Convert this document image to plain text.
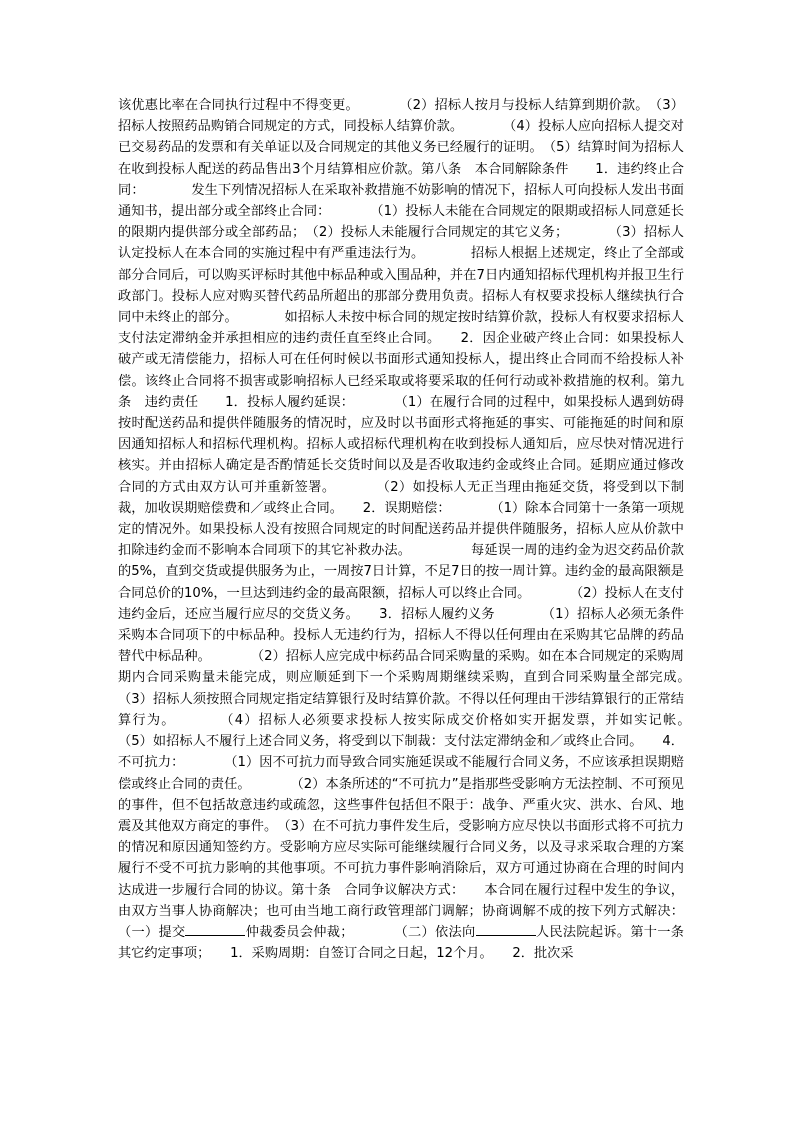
该优惠比率在合同执行过程中不得变更。　　　　（2）招标人按月与投标人结算到期价款。　（3）招标人按照药品购销合同规定的方式，同投标人结算价款。　　　　（4）投标人应向招标人提交对已交易药品的发票和有关单证以及合同规定的其他义务已经履行的证明。　（5）结算时间为招标人在收到投标人配送的药品售出3个月结算相应价款。第八条　本合同解除条件　　1．违约终止合同：　　　　发生下列情况招标人在采取补救措施不妨影响的情况下，招标人可向投标人发出书面通知书，提出部分或全部终止合同：　　　　（1）投标人未能在合同规定的限期或招标人同意延长的限期内提供部分或全部药品；　（2）投标人未能履行合同规定的其它义务；　　　　（3）招标人认定投标人在本合同的实施过程中有严重违法行为。　　　　招标人根据上述规定，终止了全部或部分合同后，可以购买评标时其他中标品种或入围品种，并在7日内通知招标代理机构并报卫生行政部门。投标人应对购买替代药品所超出的那部分费用负责。招标人有权要求投标人继续执行合同中未终止的部分。　　　　如招标人未按中标合同的规定按时结算价款，投标人有权要求招标人支付法定滞纳金并承担相应的违约责任直至终止合同。　　2．因企业破产终止合同：如果投标人破产或无清偿能力，招标人可在任何时候以书面形式通知投标人，提出终止合同而不给投标人补偿。该终止合同将不损害或影响招标人已经采取或将要采取的任何行动或补救措施的权利。第九条　违约责任　　1．投标人履约延误：　　　　（1）在履行合同的过程中，如果投标人遇到妨碍按时配送药品和提供伴随服务的情况时，应及时以书面形式将拖延的事实、可能拖延的时间和原因通知招标人和招标代理机构。招标人或招标代理机构在收到投标人通知后，应尽快对情况进行核实。并由招标人确定是否酌情延长交货时间以及是否收取违约金或终止合同。延期应通过修改合同的方式由双方认可并重新签署。　　　　（2）如投标人无正当理由拖延交货，将受到以下制裁，加收误期赔偿费和／或终止合同。　　2．误期赔偿：　　　　（1）除本合同第十一条第一项规定的情况外。如果投标人没有按照合同规定的时间配送药品并提供伴随服务，招标人应从价款中扣除违约金而不影响本合同项下的其它补救办法。　　　　　每延误一周的违约金为迟交药品价款的5%，直到交货或提供服务为止，一周按7日计算，不足7日的按一周计算。违约金的最高限额是合同总价的10%，一旦达到违约金的最高限额，招标人可以终止合同。　　　　（2）投标人在支付违约金后，还应当履行应尽的交货义务。　　3．招标人履约义务　　　　（1）招标人必须无条件采购本合同项下的中标品种。投标人无违约行为，招标人不得以任何理由在采购其它品牌的药品替代中标品种。　　　　（2）招标人应完成中标药品合同采购量的采购。如在本合同规定的采购周期内合同采购量未能完成，则应顺延到下一个采购周期继续采购，直到合同采购量全部完成。　　　　（3）招标人须按照合同规定指定结算银行及时结算价款。不得以任何理由干涉结算银行的正常结算行为。　　　　（4）招标人必须要求投标人按实际成交价格如实开据发票，并如实记帐。　　　　（5）如招标人不履行上述合同义务，将受到以下制裁：支付法定滞纳金和／或终止合同。　　4．不可抗力：　　　　（1）因不可抗力而导致合同实施延误或不能履行合同义务，不应该承担误期赔偿或终止合同的责任。　　　　（2）本条所述的“不可抗力”是指那些受影响方无法控制、不可预见的事件，但不包括故意违约或疏忽，这些事件包括但不限于：战争、严重火灾、洪水、台风、地震及其他双方商定的事件。　（3）在不可抗力事件发生后，受影响方应尽快以书面形式将不可抗力的情况和原因通知签约方。受影响方应尽实际可能继续履行合同义务，以及寻求采取合理的方案履行不受不可抗力影响的其他事项。不可抗力事件影响消除后，双方可通过协商在合理的时间内达成进一步履行合同的协议。第十条　合同争议解决方式：　　本合同在履行过程中发生的争议，由双方当事人协商解决；也可由当地工商行政管理部门调解；协商调解不成的按下列方式解决：（一）提交	仲裁委员会仲裁；　　　　（二）依法向	人民法院起诉。第十一条　其它约定事项；　　1．采购周期：自签订合同之日起，12个月。　　2．批次采
